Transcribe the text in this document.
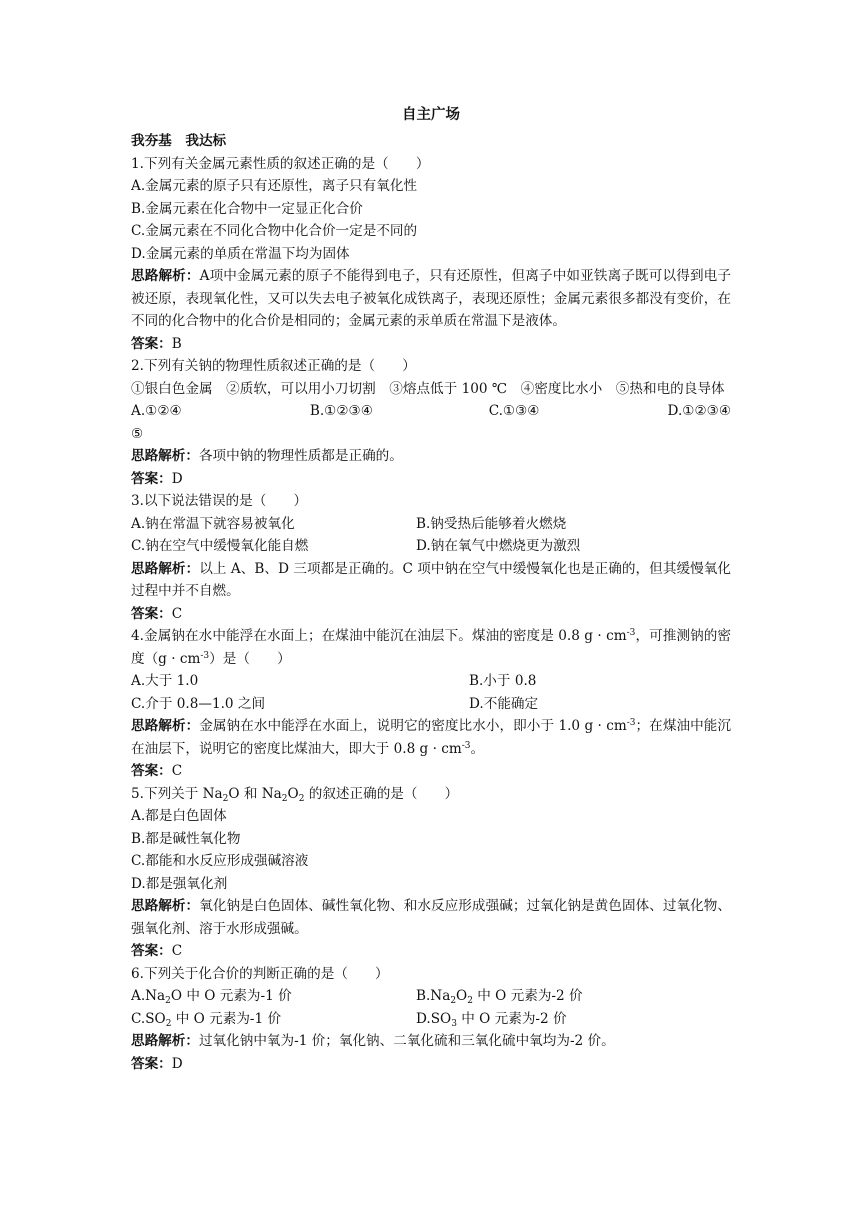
自主广场
我夯基　我达标
1.下列有关金属元素性质的叙述正确的是（　　）
A.金属元素的原子只有还原性，离子只有氧化性
B.金属元素在化合物中一定显正化合价
C.金属元素在不同化合物中化合价一定是不同的
D.金属元素的单质在常温下均为固体
思路解析：A项中金属元素的原子不能得到电子，只有还原性，但离子中如亚铁离子既可以得到电子被还原，表现氧化性，又可以失去电子被氧化成铁离子，表现还原性；金属元素很多都没有变价，在不同的化合物中的化合价是相同的；金属元素的汞单质在常温下是液体。
答案：B
2.下列有关钠的物理性质叙述正确的是（　　）
①银白色金属　②质软，可以用小刀切割　③熔点低于 100 ℃　④密度比水小　⑤热和电的良导体
A.①②④	B.①②③④	C.①③④	D.①②③④
⑤
思路解析：各项中钠的物理性质都是正确的。
答案：D
3.以下说法错误的是（　　）
A.钠在常温下就容易被氧化	B.钠受热后能够着火燃烧
C.钠在空气中缓慢氧化能自燃	D.钠在氧气中燃烧更为激烈
思路解析：以上 A、B、D 三项都是正确的。C 项中钠在空气中缓慢氧化也是正确的，但其缓慢氧化过程中并不自燃。
答案：C
4.金属钠在水中能浮在水面上；在煤油中能沉在油层下。煤油的密度是 0.8 $g \cdot cm^{-3}$，可推测钠的密度$(g \cdot cm^{-3})$是（　　）
A.大于 1.0	B.小于 0.8
C.介于 0.8—1.0 之间	D.不能确定
思路解析：金属钠在水中能浮在水面上，说明它的密度比水小，即小于 1.0 $g \cdot cm^{-3}$；在煤油中能沉在油层下，说明它的密度比煤油大，即大于 0.8 $g \cdot cm^{-3}$。
答案：C
5.下列关于 $Na_2O$ 和 $Na_2O_2$ 的叙述正确的是（　　）
A.都是白色固体
B.都是碱性氧化物
C.都能和水反应形成强碱溶液
D.都是强氧化剂
思路解析：氧化钠是白色固体、碱性氧化物、和水反应形成强碱；过氧化钠是黄色固体、过氧化物、强氧化剂、溶于水形成强碱。
答案：C
6.下列关于化合价的判断正确的是（　　）
$A.Na_2O$ 中 O 元素为-1 价	$B.Na_2O_2$ 中 O 元素为-2 价
$C.SO_2$ 中 O 元素为-1 价	$D.SO_3$ 中 O 元素为-2 价
思路解析：过氧化钠中氧为-1 价；氧化钠、二氧化硫和三氧化硫中氧均为-2 价。
答案：D
